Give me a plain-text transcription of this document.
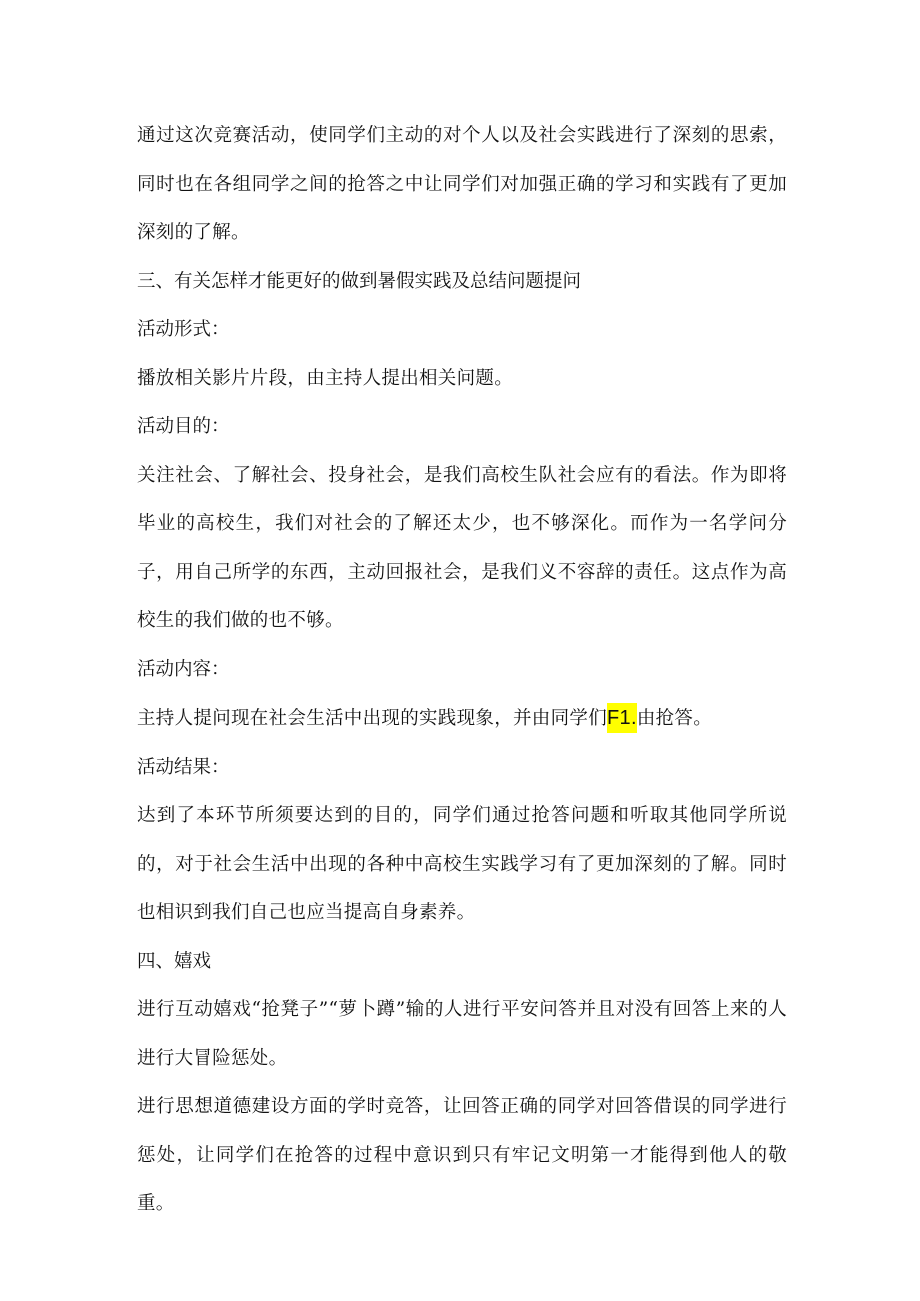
通过这次竞赛活动，使同学们主动的对个人以及社会实践进行了深刻的思索，同时也在各组同学之间的抢答之中让同学们对加强正确的学习和实践有了更加深刻的了解。

三、有关怎样才能更好的做到暑假实践及总结问题提问

活动形式：

播放相关影片片段，由主持人提出相关问题。

活动目的：

关注社会、了解社会、投身社会，是我们高校生队社会应有的看法。作为即将毕业的高校生，我们对社会的了解还太少，也不够深化。而作为一名学问分子，用自己所学的东西，主动回报社会，是我们义不容辞的责任。这点作为高校生的我们做的也不够。

活动内容：

主持人提问现在社会生活中出现的实践现象，并由同学们F1.由抢答。

活动结果：

达到了本环节所须要达到的目的，同学们通过抢答问题和听取其他同学所说的，对于社会生活中出现的各种中高校生实践学习有了更加深刻的了解。同时也相识到我们自己也应当提高自身素养。

四、嬉戏

进行互动嬉戏“抢凳子”“萝卜蹲”输的人进行平安问答并且对没有回答上来的人进行大冒险惩处。

进行思想道德建设方面的学时竞答，让回答正确的同学对回答借误的同学进行惩处，让同学们在抢答的过程中意识到只有牢记文明第一才能得到他人的敬重。
